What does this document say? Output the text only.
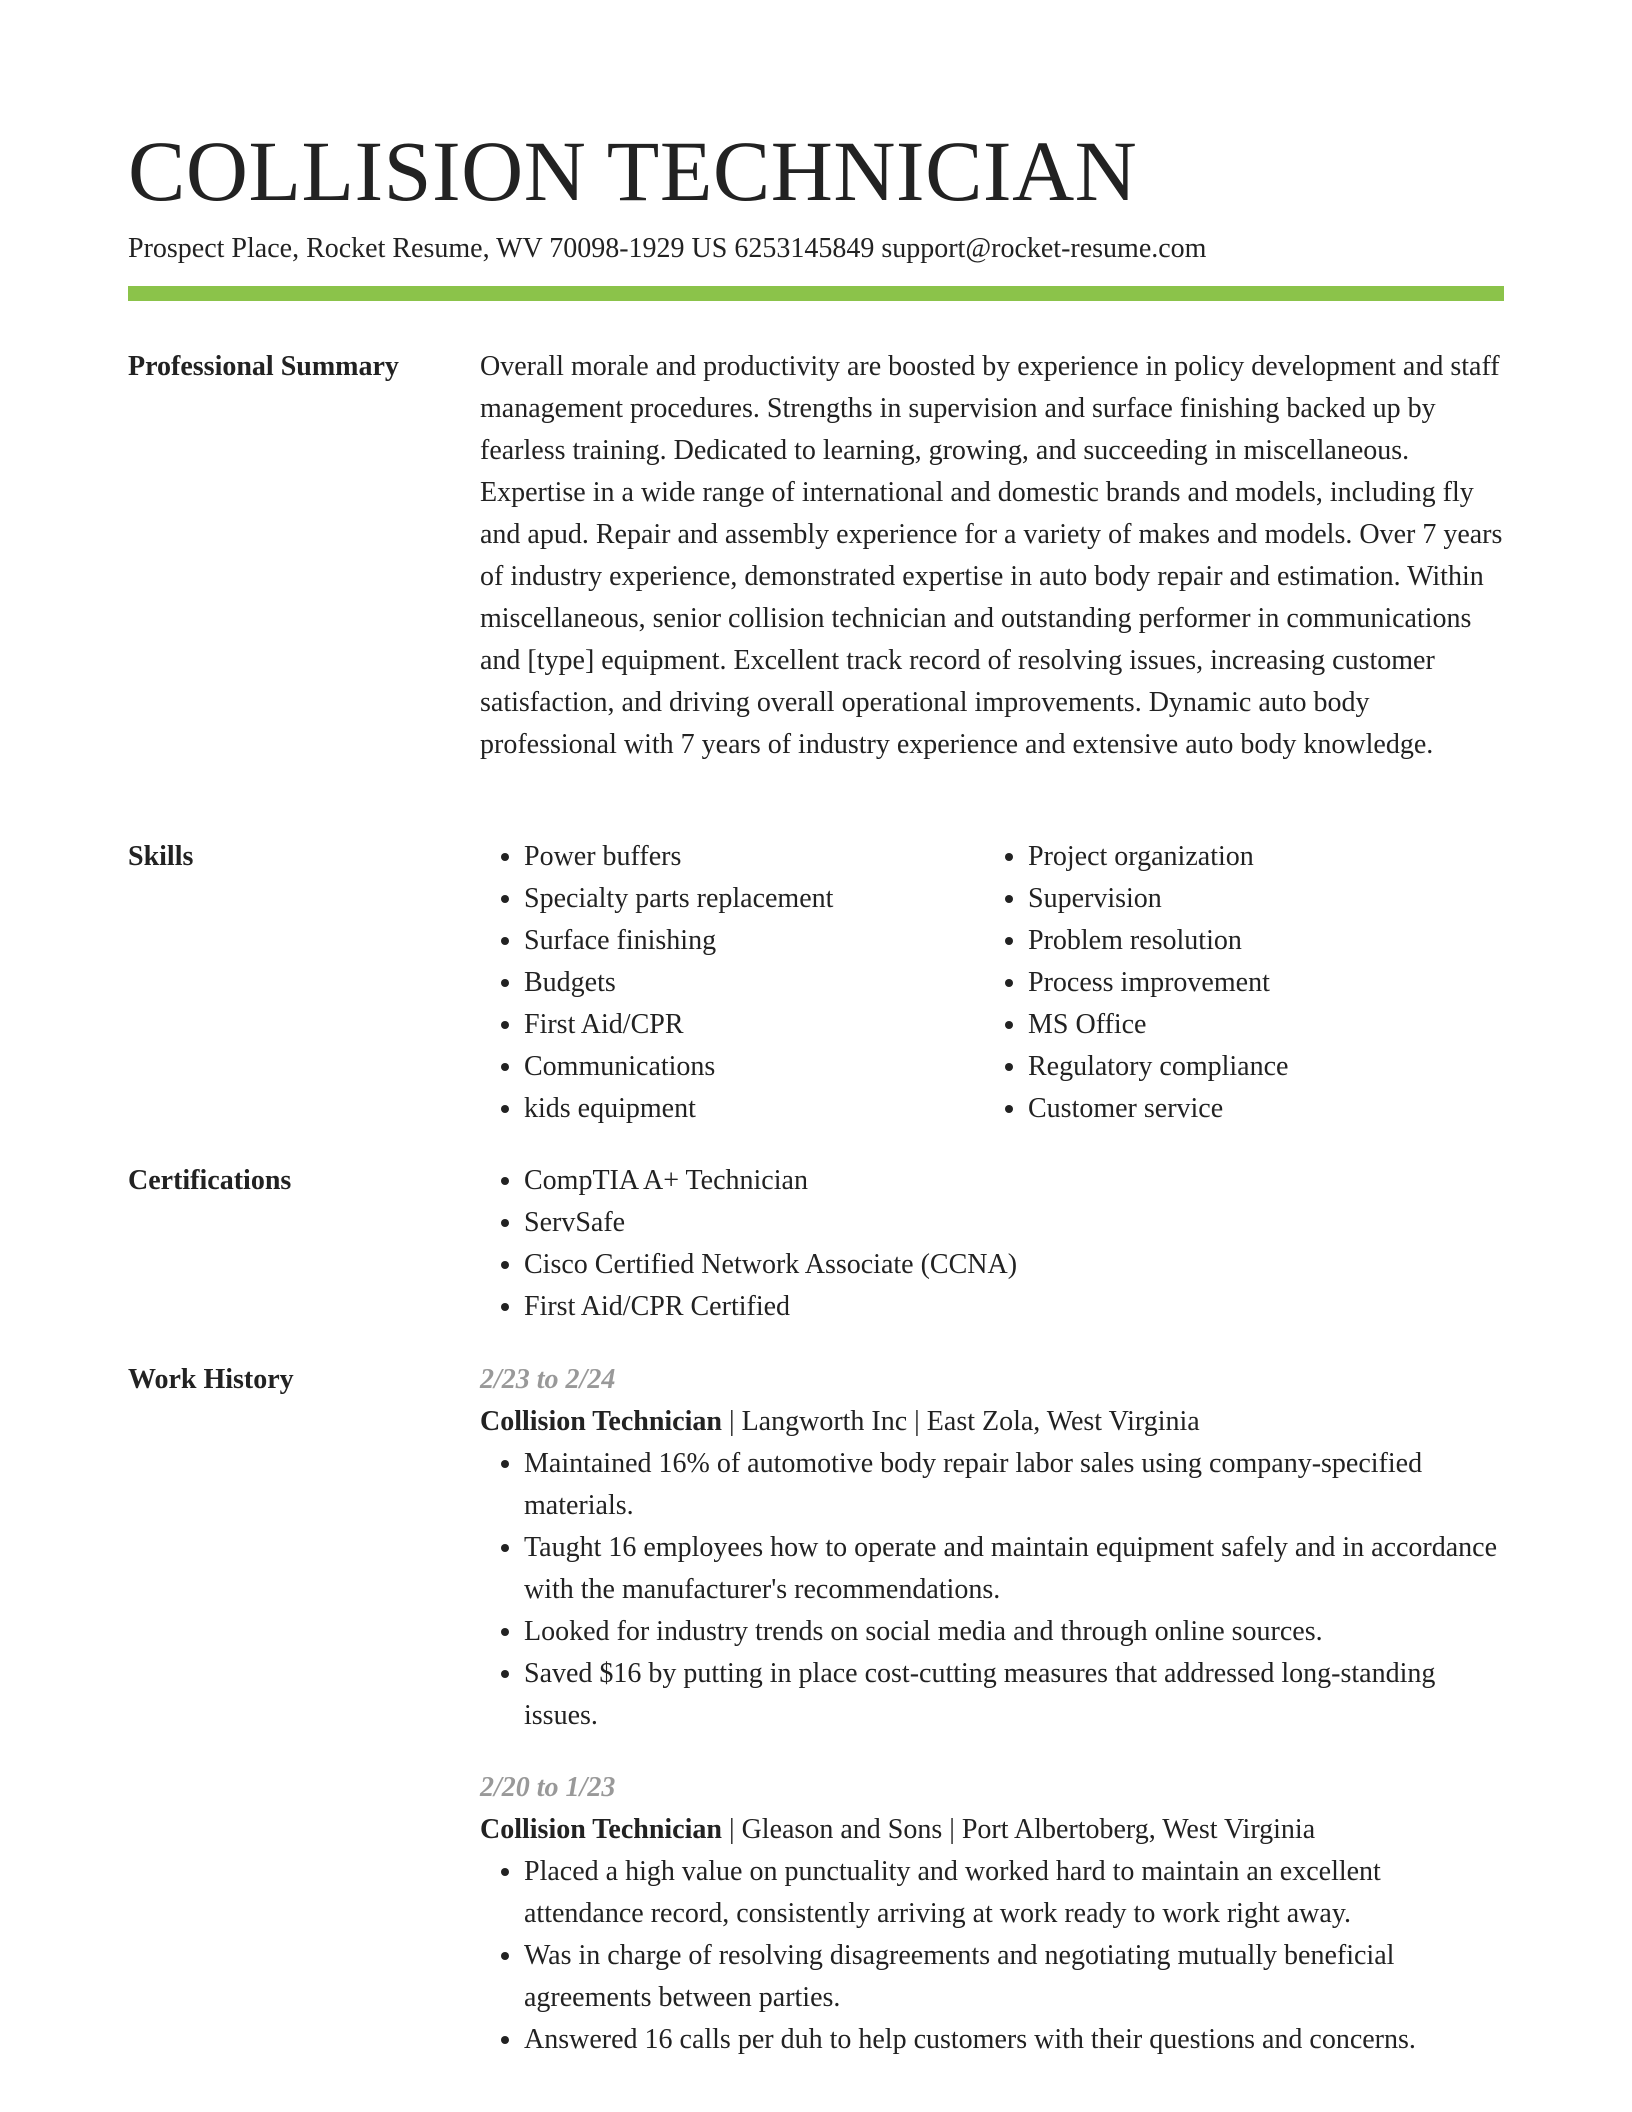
COLLISION TECHNICIAN
Prospect Place, Rocket Resume, WV 70098-1929 US 6253145849 support@rocket-resume.com
Professional Summary	Overall morale and productivity are boosted by experience in policy development and staff management procedures. Strengths in supervision and surface finishing backed up by fearless training. Dedicated to learning, growing, and succeeding in miscellaneous. Expertise in a wide range of international and domestic brands and models, including fly and apud. Repair and assembly experience for a variety of makes and models. Over 7 years of industry experience, demonstrated expertise in auto body repair and estimation. Within miscellaneous, senior collision technician and outstanding performer in communications and [type] equipment. Excellent track record of resolving issues, increasing customer satisfaction, and driving overall operational improvements. Dynamic auto body professional with 7 years of industry experience and extensive auto body knowledge.

Skills	• Power buffers
• Specialty parts replacement
• Surface finishing
• Budgets
• First Aid/CPR
• Communications
• kids equipment
• Project organization
• Supervision
• Problem resolution
• Process improvement
• MS Office
• Regulatory compliance
• Customer service
Certifications	• CompTIA A+ Technician
• ServSafe
• Cisco Certified Network Associate (CCNA)
• First Aid/CPR Certified
Work History	2/23 to 2/24
Collision Technician | Langworth Inc | East Zola, West Virginia
• Maintained 16% of automotive body repair labor sales using company-specified materials.
• Taught 16 employees how to operate and maintain equipment safely and in accordance with the manufacturer's recommendations.
• Looked for industry trends on social media and through online sources.
• Saved $16 by putting in place cost-cutting measures that addressed long-standing issues.
2/20 to 1/23
Collision Technician | Gleason and Sons | Port Albertoberg, West Virginia
• Placed a high value on punctuality and worked hard to maintain an excellent attendance record, consistently arriving at work ready to work right away.
• Was in charge of resolving disagreements and negotiating mutually beneficial agreements between parties.
• Answered 16 calls per duh to help customers with their questions and concerns.
